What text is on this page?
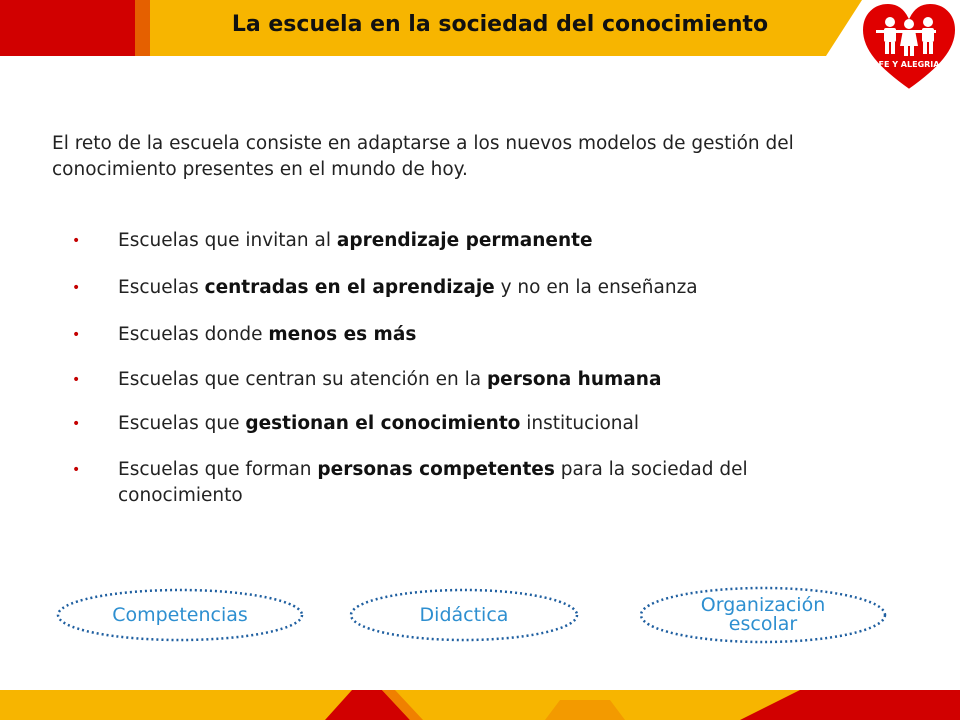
La escuela en la sociedad del conocimiento
FE Y ALEGRIA
El reto de la escuela consiste en adaptarse a los nuevos modelos de gestión del conocimiento presentes en el mundo de hoy.
• Escuelas que invitan al aprendizaje permanente
• Escuelas centradas en el aprendizaje y no en la enseñanza
• Escuelas donde menos es más
• Escuelas que centran su atención en la persona humana
• Escuelas que gestionan el conocimiento institucional
• Escuelas que forman personas competentes para la sociedad del conocimiento
Competencias	Didáctica	Organización
escolar
